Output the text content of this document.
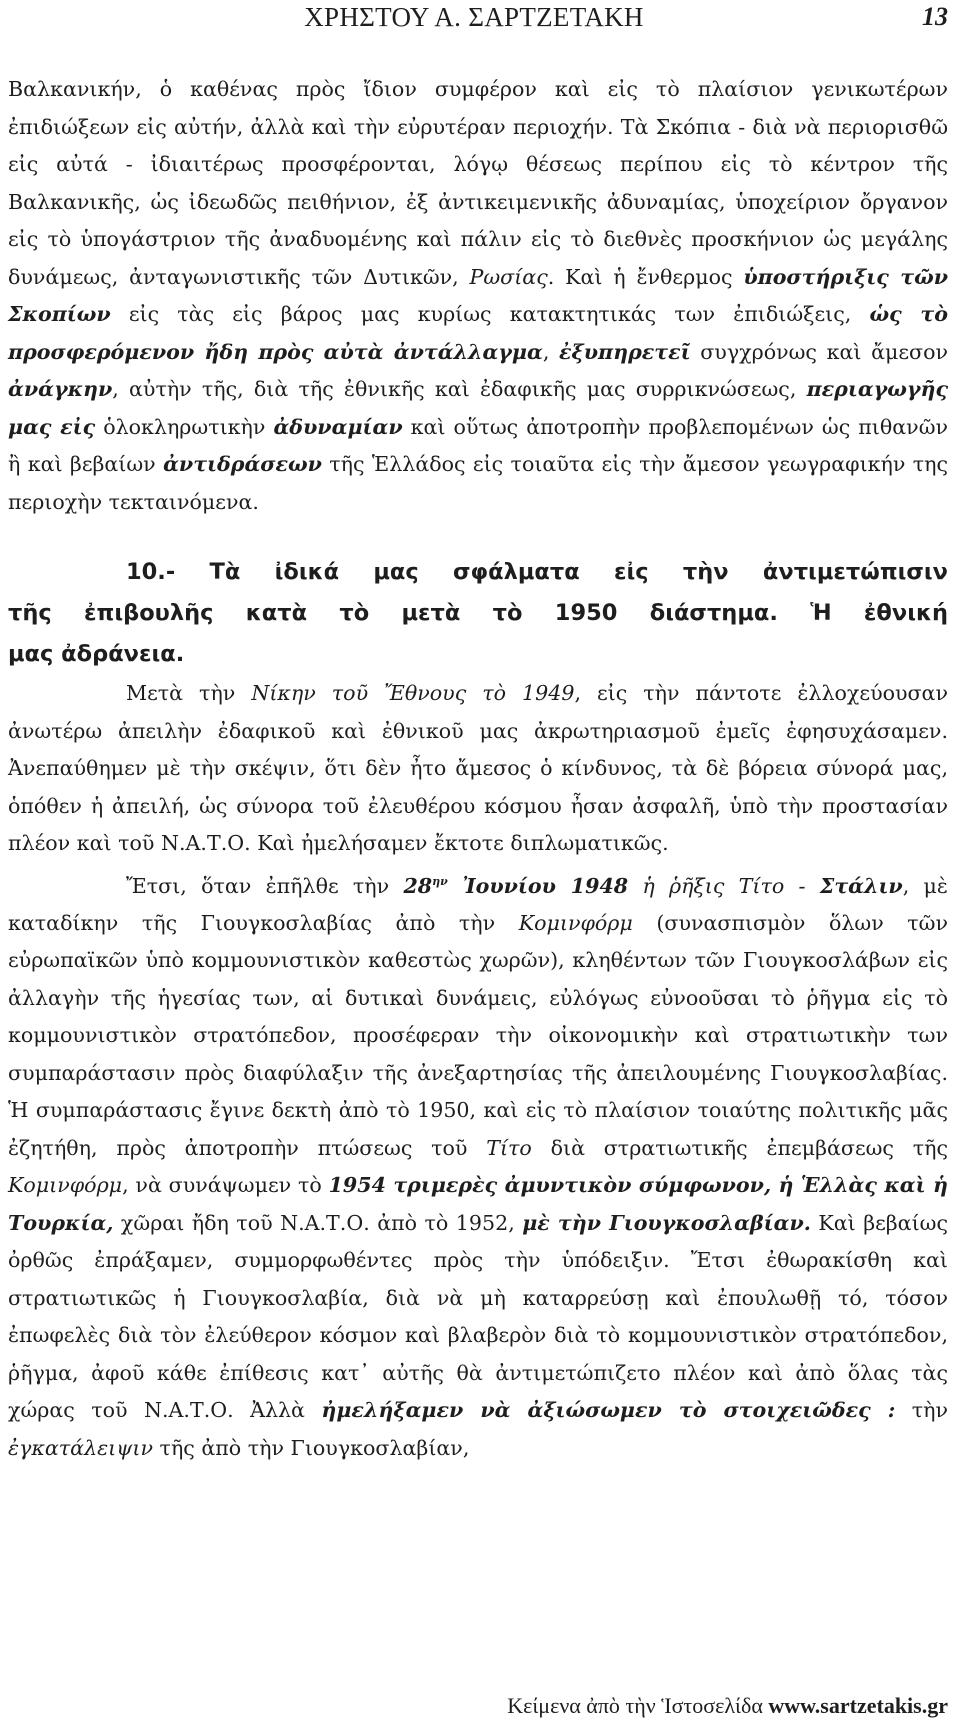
ΧΡΗΣΤΟΥ Α. ΣΑΡΤΖΕΤΑΚΗ	13

Βαλκανικήν, ὁ καθένας πρὸς ἴδιον συμφέρον καὶ εἰς τὸ πλαίσιον γενικωτέρων ἐπιδιώξεων εἰς αὐτήν, ἀλλὰ καὶ τὴν εὐρυτέραν περιοχήν. Τὰ Σκόπια - διὰ νὰ περιορισθῶ εἰς αὐτά - ἰδιαιτέρως προσφέρονται, λόγῳ θέσεως περίπου εἰς τὸ κέντρον τῆς Βαλκανικῆς, ὡς ἰδεωδῶς πειθήνιον, ἐξ ἀντικειμενικῆς ἀδυναμίας, ὑποχείριον ὄργανον εἰς τὸ ὑπογάστριον τῆς ἀναδυομένης καὶ πάλιν εἰς τὸ διεθνὲς προσκήνιον ὡς μεγάλης δυνάμεως, ἀνταγωνιστικῆς τῶν Δυτικῶν, Ρωσίας. Καὶ ἡ ἔνθερμος ὑποστήριξις τῶν Σκοπίων εἰς τὰς εἰς βάρος μας κυρίως κατακτητικάς των ἐπιδιώξεις, ὡς τὸ προσφερόμενον ἤδη πρὸς αὐτὰ ἀντάλλαγμα, ἐξυπηρετεῖ συγχρόνως καὶ ἄμεσον ἀνάγκην, αὐτὴν τῆς, διὰ τῆς ἐθνικῆς καὶ ἐδαφικῆς μας συρρικνώσεως, περιαγωγῆς μας εἰς ὁλοκληρωτικὴν ἀδυναμίαν καὶ οὕτως ἀποτροπὴν προβλεπομένων ὡς πιθανῶν ἢ καὶ βεβαίων ἀντιδράσεων τῆς Ἑλλάδος εἰς τοιαῦτα εἰς τὴν ἄμεσον γεωγραφικήν της περιοχὴν τεκταινόμενα.

10.- Τὰ ἰδικά μας σφάλματα εἰς τὴν ἀντιμετώπισιν
τῆς ἐπιβουλῆς κατὰ τὸ μετὰ τὸ 1950 διάστημα. Ἡ ἐθνική
μας ἀδράνεια.

Μετὰ τὴν Νίκην τοῦ Ἔθνους τὸ 1949, εἰς τὴν πάντοτε ἐλλοχεύουσαν ἀνωτέρω ἀπειλὴν ἐδαφικοῦ καὶ ἐθνικοῦ μας ἀκρωτηριασμοῦ ἐμεῖς ἐφησυχάσαμεν. Ἀνεπαύθημεν μὲ τὴν σκέψιν, ὅτι δὲν ἦτο ἄμεσος ὁ κίνδυνος, τὰ δὲ βόρεια σύνορά μας, ὁπόθεν ἡ ἀπειλή, ὡς σύνορα τοῦ ἐλευθέρου κόσμου ἦσαν ἀσφαλῆ, ὑπὸ τὴν προστασίαν πλέον καὶ τοῦ Ν.Α.Τ.Ο. Καὶ ἠμελήσαμεν ἔκτοτε διπλωματικῶς.

Ἔτσι, ὅταν ἐπῆλθε τὴν $28^{\eta\nu}$ Ἰουνίου 1948 ἡ ῥῆξις Τίτο - Στάλιν, μὲ καταδίκην τῆς Γιουγκοσλαβίας ἀπὸ τὴν Κομινφόρμ (συνασπισμὸν ὅλων τῶν εὐρωπαϊκῶν ὑπὸ κομμουνιστικὸν καθεστὼς χωρῶν), κληθέντων τῶν Γιουγκοσλάβων εἰς ἀλλαγὴν τῆς ἡγεσίας των, αἱ δυτικαὶ δυνάμεις, εὐλόγως εὐνοοῦσαι τὸ ῥῆγμα εἰς τὸ κομμουνιστικὸν στρατόπεδον, προσέφεραν τὴν οἰκονομικὴν καὶ στρατιωτικὴν των συμπαράστασιν πρὸς διαφύλαξιν τῆς ἀνεξαρτησίας τῆς ἀπειλουμένης Γιουγκοσλαβίας. Ἡ συμπαράστασις ἔγινε δεκτὴ ἀπὸ τὸ 1950, καὶ εἰς τὸ πλαίσιον τοιαύτης πολιτικῆς μᾶς ἐζητήθη, πρὸς ἀποτροπὴν πτώσεως τοῦ Τίτο διὰ στρατιωτικῆς ἐπεμβάσεως τῆς Κομινφόρμ, νὰ συνάψωμεν τὸ 1954 τριμερὲς ἀμυντικὸν σύμφωνον, ἡ Ἑλλὰς καὶ ἡ Τουρκία, χῶραι ἤδη τοῦ Ν.Α.Τ.Ο. ἀπὸ τὸ 1952, μὲ τὴν Γιουγκοσλαβίαν. Καὶ βεβαίως ὀρθῶς ἐπράξαμεν, συμμορφωθέντες πρὸς τὴν ὑπόδειξιν. Ἔτσι ἐθωρακίσθη καὶ στρατιωτικῶς ἡ Γιουγκοσλαβία, διὰ νὰ μὴ καταρρεύσῃ καὶ ἐπουλωθῇ τό, τόσον ἐπωφελὲς διὰ τὸν ἐλεύθερον κόσμον καὶ βλαβερὸν διὰ τὸ κομμουνιστικὸν στρατόπεδον, ῥῆγμα, ἀφοῦ κάθε ἐπίθεσις κατ᾽ αὐτῆς θὰ ἀντιμετώπιζετο πλέον καὶ ἀπὸ ὅλας τὰς χώρας τοῦ Ν.Α.Τ.Ο. Ἀλλὰ ἠμελήξαμεν νὰ ἀξιώσωμεν τὸ στοιχειῶδες : τὴν ἐγκατάλειψιν τῆς ἀπὸ τὴν Γιουγκοσλαβίαν,

Κείμενα ἀπὸ τὴν Ἱστοσελίδα www.sartzetakis.gr
